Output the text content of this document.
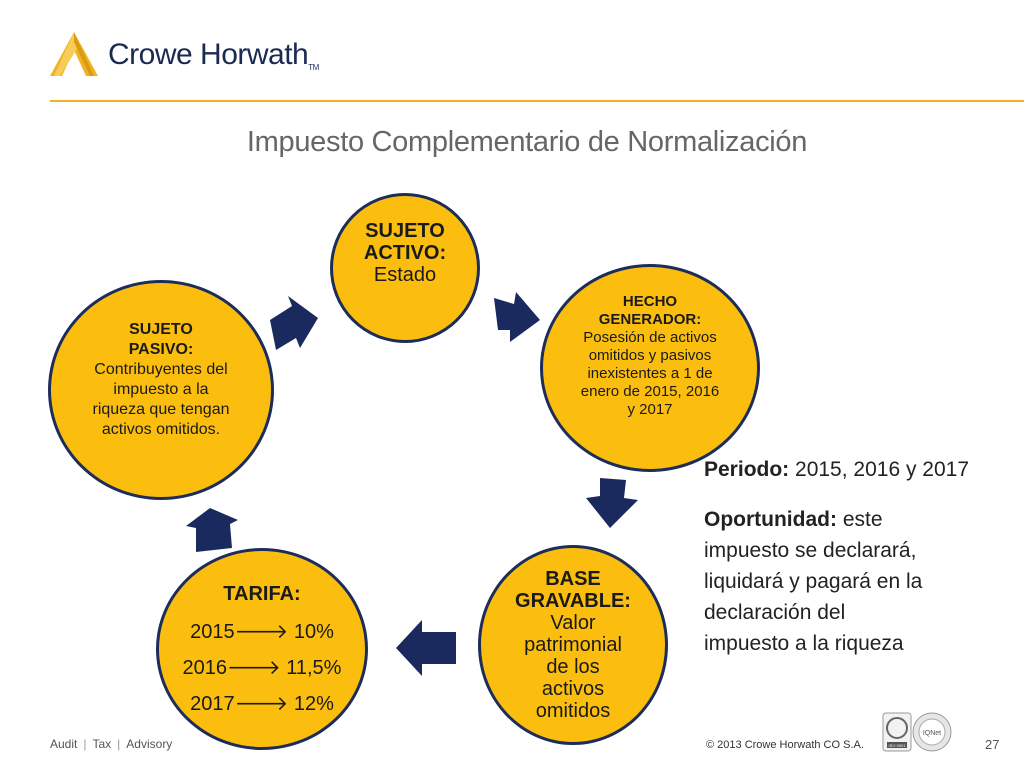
Crowe HorwathTM
Impuesto Complementario de Normalización
SUJETO ACTIVO:
Estado
HECHO GENERADOR:
Posesión de activos omitidos y pasivos inexistentes a 1 de enero de 2015, 2016 y 2017
BASE GRAVABLE:
Valor patrimonial de los activos omitidos
TARIFA:
2015🡒 10%
2016🡒 11,5%
2017🡒 12%
SUJETO PASIVO:
Contribuyentes del impuesto a la riqueza que tengan activos omitidos.
Periodo: 2015, 2016 y 2017
Oportunidad: este impuesto se declarará, liquidará y pagará en la declaración del impuesto a la riqueza
Audit | Tax | Advisory	© 2013 Crowe Horwath CO S.A.	ISO 9001
IQNet
27
